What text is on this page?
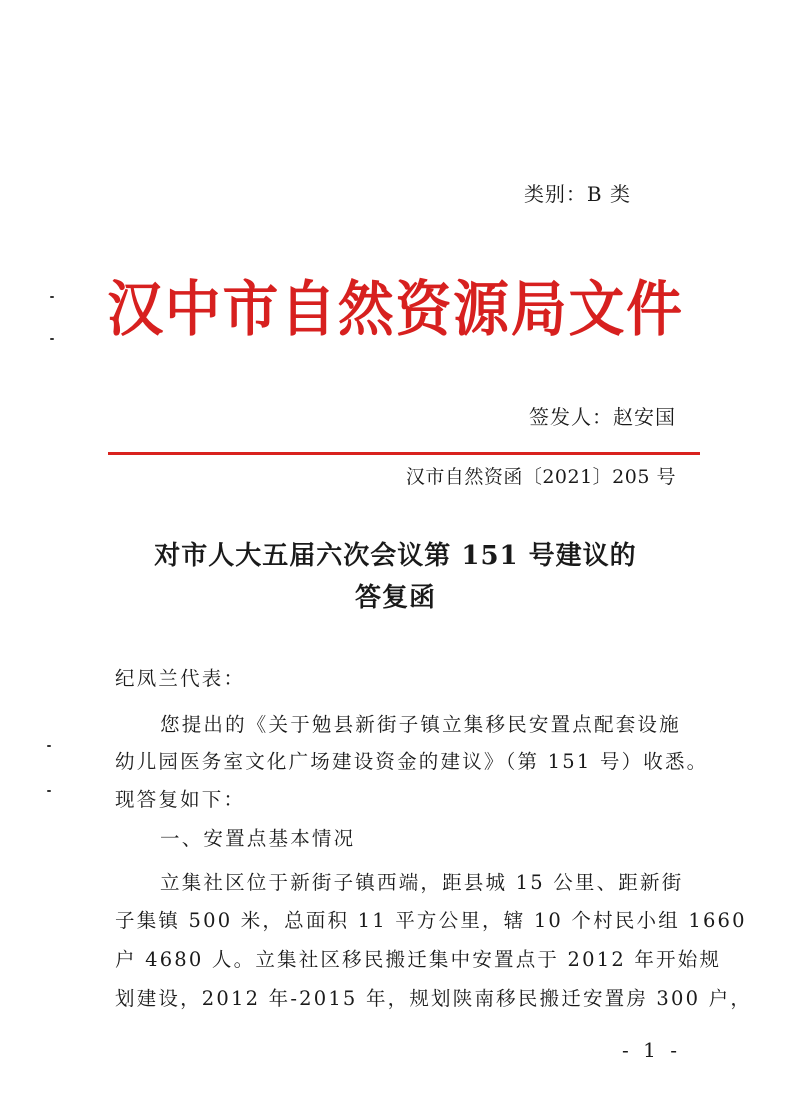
类别：B 类
汉中市自然资源局文件
签发人：赵安国
汉市自然资函〔2021〕205 号
对市人大五届六次会议第 151 号建议的
答复函
纪凤兰代表：
您提出的《关于勉县新街子镇立集移民安置点配套设施
幼儿园医务室文化广场建设资金的建议》（第 151 号）收悉。
现答复如下：
一、安置点基本情况
立集社区位于新街子镇西端，距县城 15 公里、距新街
子集镇 500 米，总面积 11 平方公里，辖 10 个村民小组 1660
户 4680 人。立集社区移民搬迁集中安置点于 2012 年开始规
划建设，2012 年-2015 年，规划陕南移民搬迁安置房 300 户，
- 1 -
